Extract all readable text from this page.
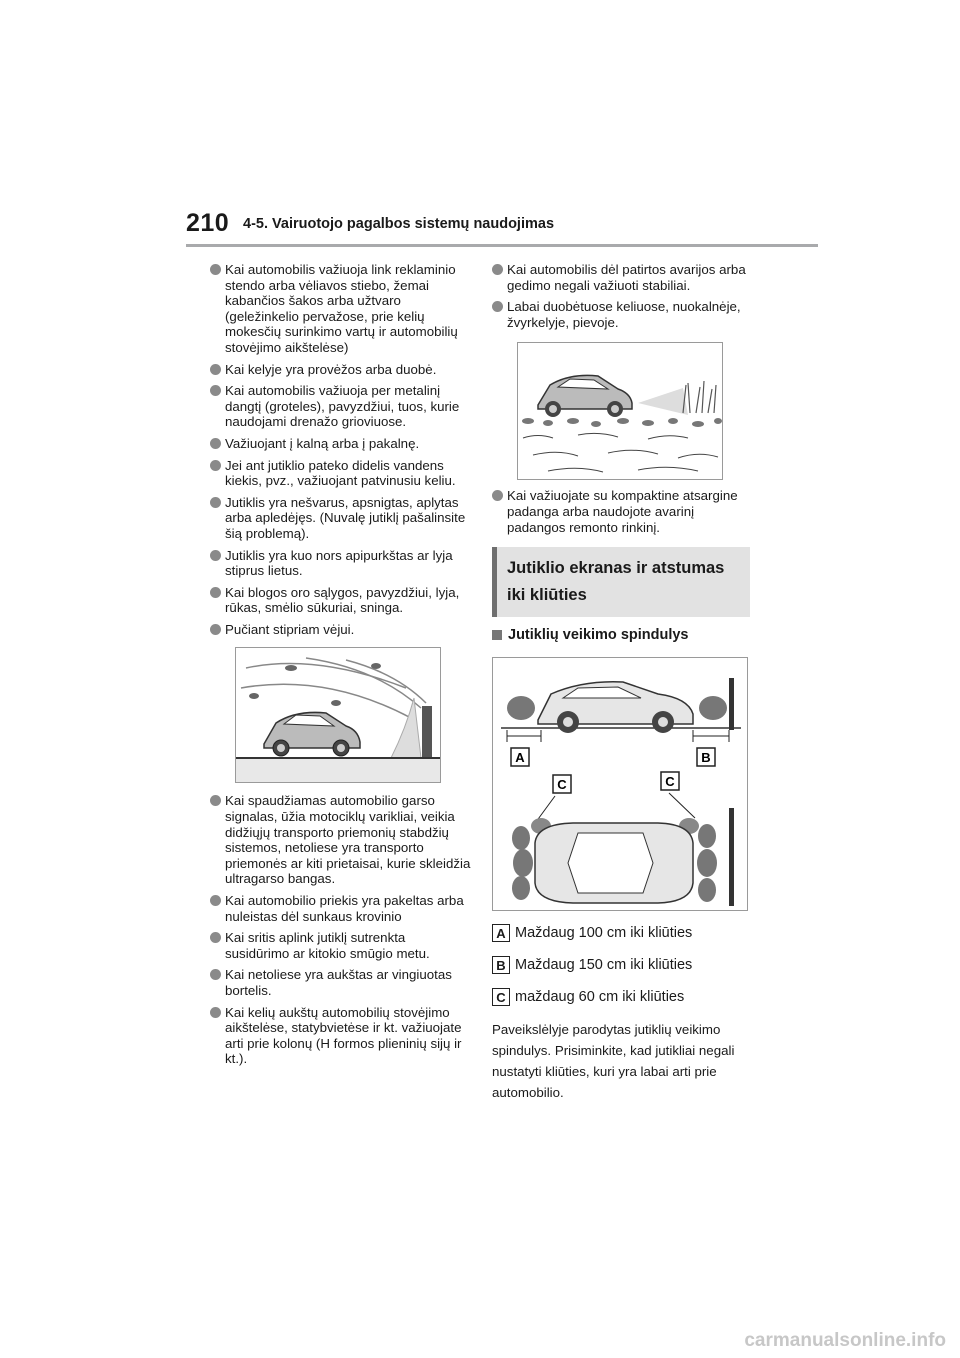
210 4-5. Vairuotojo pagalbos sistemų naudojimas
Kai automobilis važiuoja link reklaminio stendo arba vėliavos stiebo, žemai kabančios šakos arba užtvaro (geležinkelio pervažose, prie kelių mokesčių surinkimo vartų ir automobilių stovėjimo aikštelėse)
Kai kelyje yra provėžos arba duobė.
Kai automobilis važiuoja per metalinį dangtį (groteles), pavyzdžiui, tuos, kurie naudojami drenažo grioviuose.
Važiuojant į kalną arba į pakalnę.
Jei ant jutiklio pateko didelis vandens kiekis, pvz., važiuojant patvinusiu keliu.
Jutiklis yra nešvarus, apsnigtas, aplytas arba apledėjęs. (Nuvalę jutiklį pašalinsite šią problemą).
Jutiklis yra kuo nors apipurkštas ar lyja stiprus lietus.
Kai blogos oro sąlygos, pavyzdžiui, lyja, rūkas, smėlio sūkuriai, sninga.
Pučiant stipriam vėjui.
Kai spaudžiamas automobilio garso signalas, ūžia motociklų varikliai, veikia didžiųjų transporto priemonių stabdžių sistemos, netoliese yra transporto priemonės ar kiti prietaisai, kurie skleidžia ultragarso bangas.
Kai automobilio priekis yra pakeltas arba nuleistas dėl sunkaus krovinio
Kai sritis aplink jutiklį sutrenkta susidūrimo ar kitokio smūgio metu.
Kai netoliese yra aukštas ar vingiuotas bortelis.
Kai kelių aukštų automobilių stovėjimo aikštelėse, statybvietėse ir kt. važiuojate arti prie kolonų (H formos plieninių sijų ir kt.).
Kai automobilis dėl patirtos avarijos arba gedimo negali važiuoti stabiliai.
Labai duobėtuose keliuose, nuokalnėje, žvyrkelyje, pievoje.
Kai važiuojate su kompaktine atsargine padanga arba naudojote avarinį padangos remonto rinkinį.
Jutiklio ekranas ir atstumas
iki kliūties
Jutiklių veikimo spindulys
A	B
C	C
A Maždaug 100 cm iki kliūties
B Maždaug 150 cm iki kliūties
C maždaug 60 cm iki kliūties
Paveikslėlyje parodytas jutiklių veikimo spindulys. Prisiminkite, kad jutikliai negali nustatyti kliūties, kuri yra labai arti prie automobilio.
carmanualsonline.info
